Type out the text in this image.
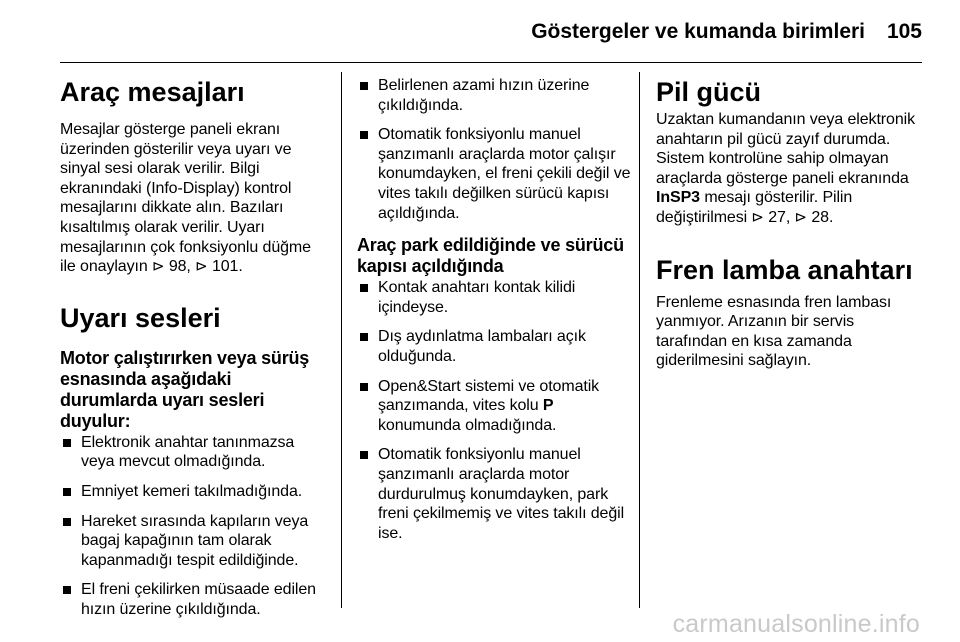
Göstergeler ve kumanda birimleri 105
Araç mesajları

Mesajlar gösterge paneli ekranı üzerinden gösterilir veya uyarı ve sinyal sesi olarak verilir. Bilgi ekranındaki (Info-Display) kontrol mesajlarını dikkate alın. Bazıları kısaltılmış olarak verilir. Uyarı mesajlarının çok fonksiyonlu düğme ile onaylayın ⊳ 98, ⊳ 101.

Uyarı sesleri
Motor çalıştırırken veya sürüş esnasında aşağıdaki durumlarda uyarı sesleri duyulur:
Elektronik anahtar tanınmazsa veya mevcut olmadığında.
Emniyet kemeri takılmadığında.
Hareket sırasında kapıların veya bagaj kapağının tam olarak kapanmadığı tespit edildiğinde.
El freni çekilirken müsaade edilen hızın üzerine çıkıldığında.
Belirlenen azami hızın üzerine çıkıldığında.
Otomatik fonksiyonlu manuel şanzımanlı araçlarda motor çalışır konumdayken, el freni çekili değil ve vites takılı değilken sürücü kapısı açıldığında.
Araç park edildiğinde ve sürücü kapısı açıldığında
Kontak anahtarı kontak kilidi içindeyse.
Dış aydınlatma lambaları açık olduğunda.
Open&Start sistemi ve otomatik şanzımanda, vites kolu P konumunda olmadığında.
Otomatik fonksiyonlu manuel şanzımanlı araçlarda motor durdurulmuş konumdayken, park freni çekilmemiş ve vites takılı değil ise.
Pil gücü

Uzaktan kumandanın veya elektronik anahtarın pil gücü zayıf durumda. Sistem kontrolüne sahip olmayan araçlarda gösterge paneli ekranında InSP3 mesajı gösterilir. Pilin değiştirilmesi ⊳ 27, ⊳ 28.

Fren lamba anahtarı

Frenleme esnasında fren lambası yanmıyor. Arızanın bir servis tarafından en kısa zamanda giderilmesini sağlayın.

carmanualsonline.info
